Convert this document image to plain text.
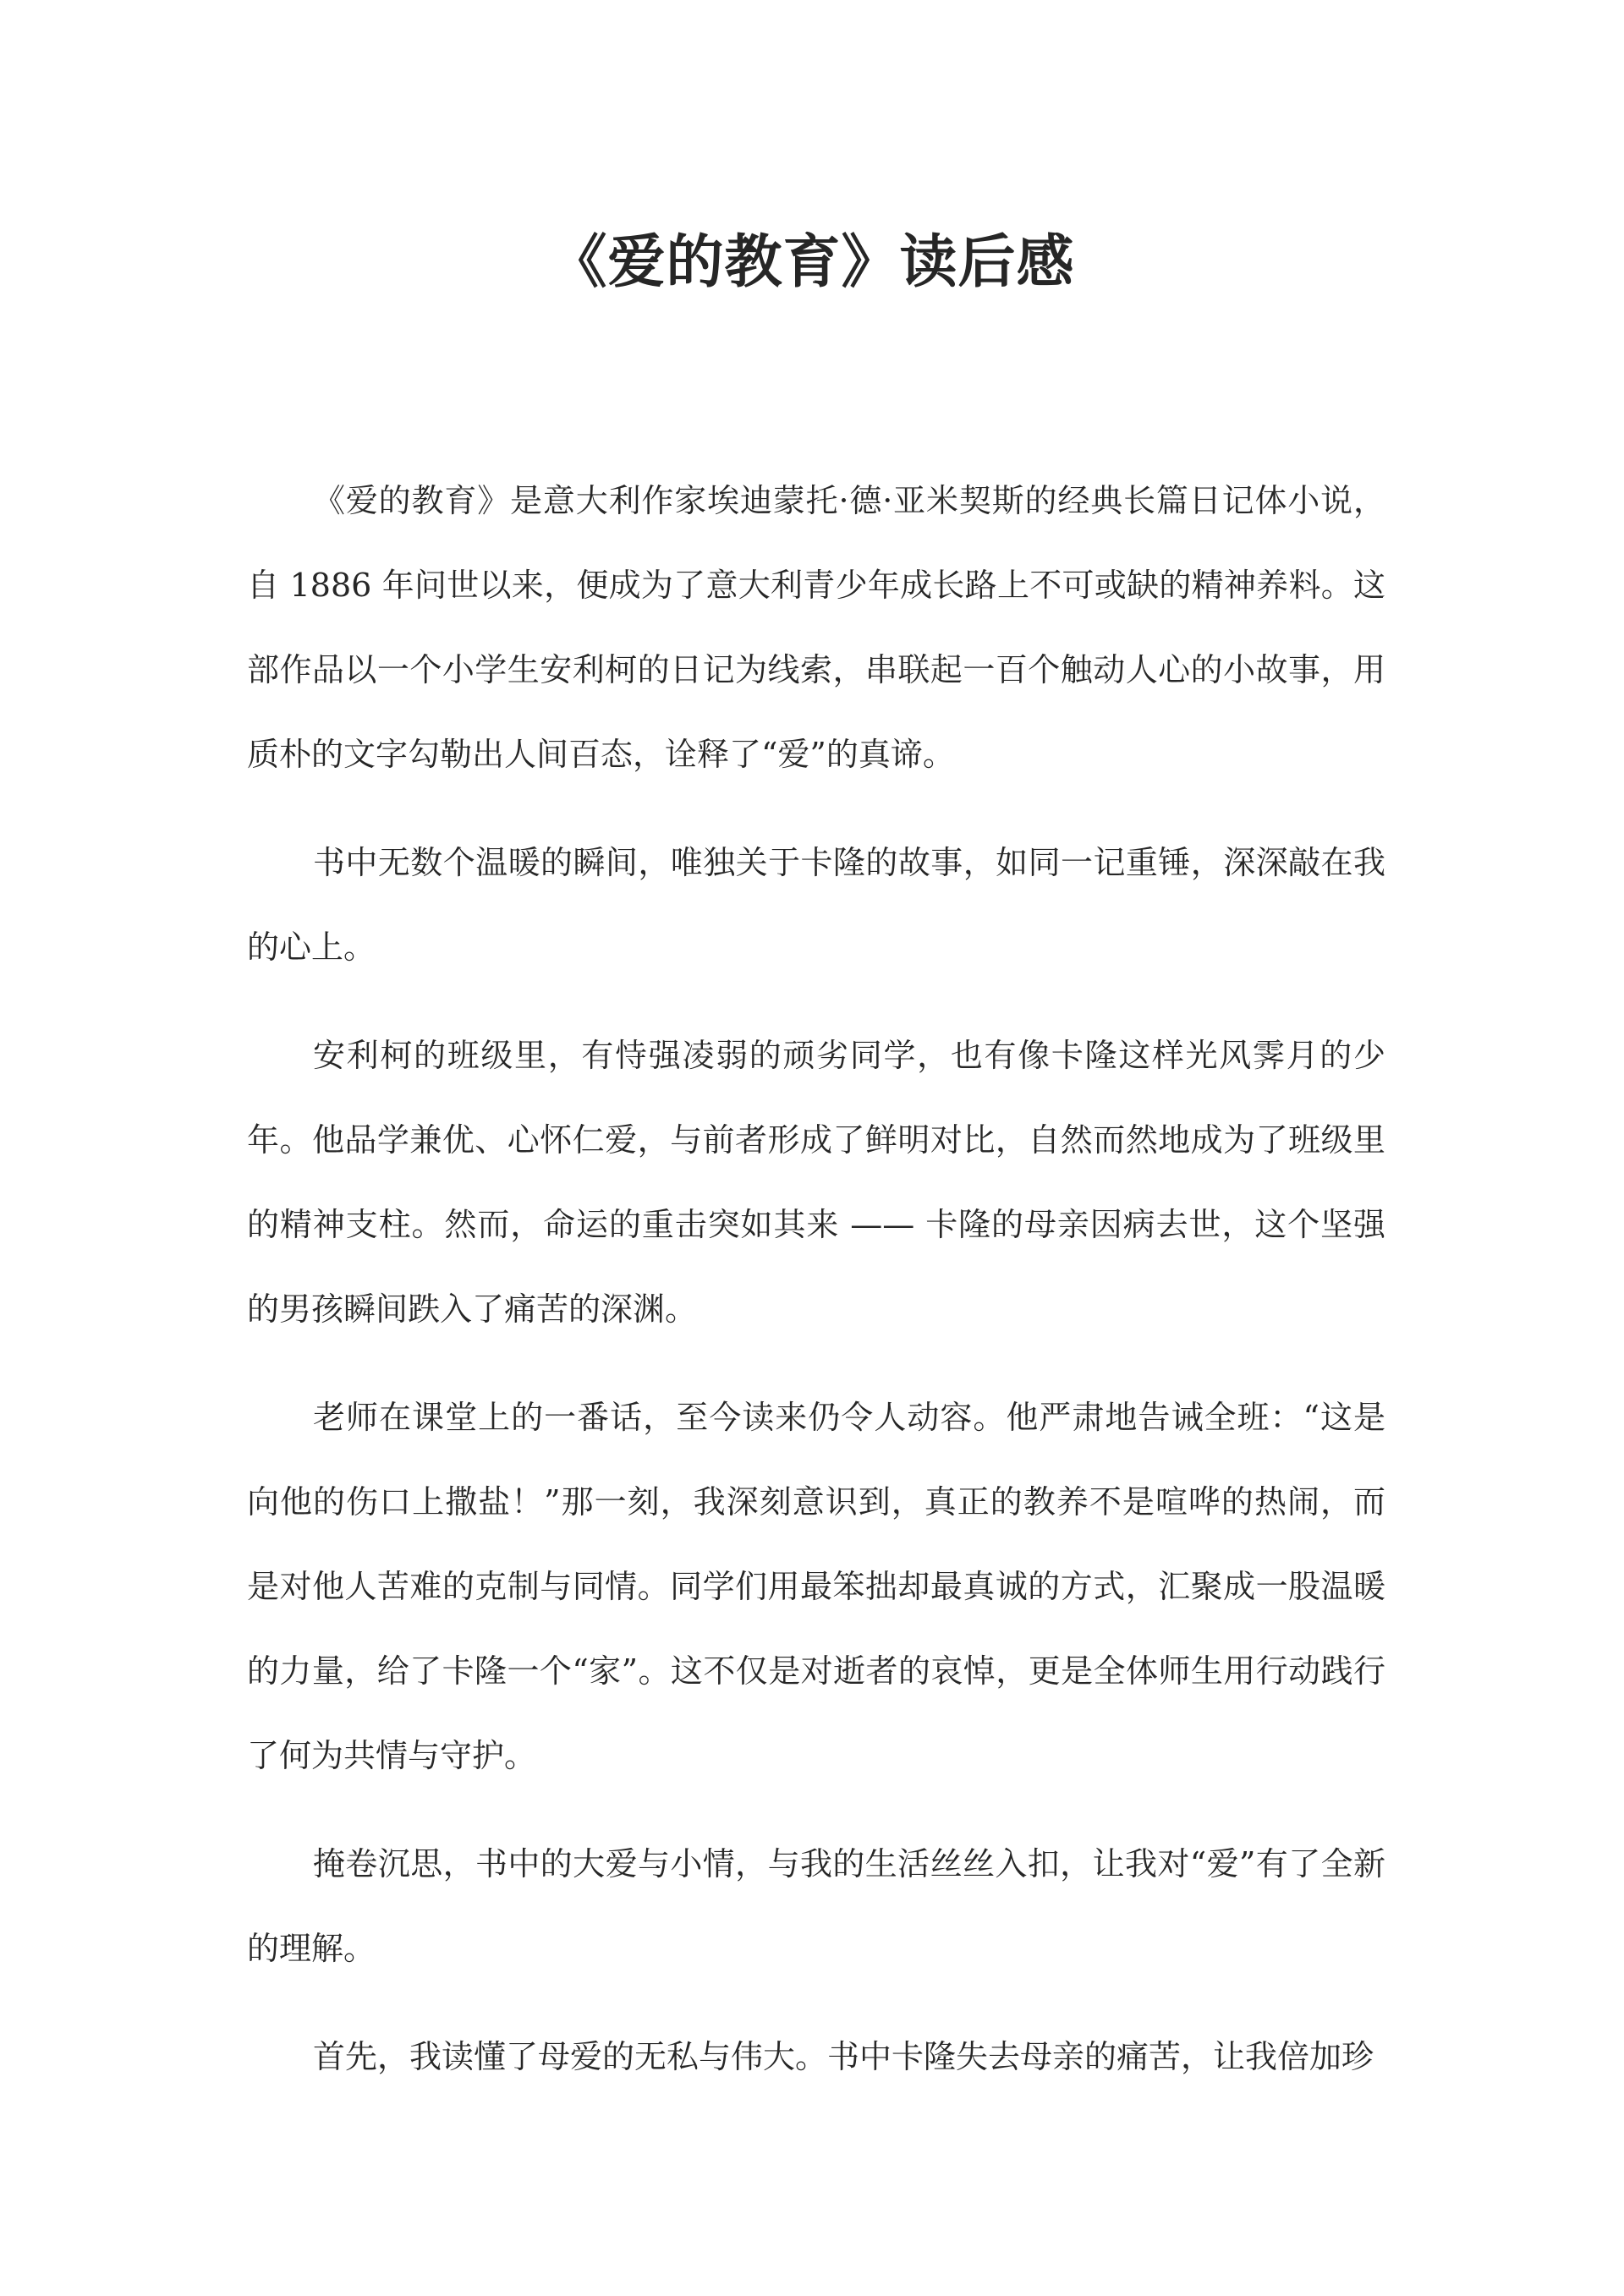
《爱的教育》读后感

《爱的教育》是意大利作家埃迪蒙托·德·亚米契斯的经典长篇日记体小说，自 1886 年问世以来，便成为了意大利青少年成长路上不可或缺的精神养料。这部作品以一个小学生安利柯的日记为线索，串联起一百个触动人心的小故事，用质朴的文字勾勒出人间百态，诠释了“爱”的真谛。

书中无数个温暖的瞬间，唯独关于卡隆的故事，如同一记重锤，深深敲在我的心上。

安利柯的班级里，有恃强凌弱的顽劣同学，也有像卡隆这样光风霁月的少年。他品学兼优、心怀仁爱，与前者形成了鲜明对比，自然而然地成为了班级里的精神支柱。然而，命运的重击突如其来 —— 卡隆的母亲因病去世，这个坚强的男孩瞬间跌入了痛苦的深渊。

老师在课堂上的一番话，至今读来仍令人动容。他严肃地告诫全班：“这是向他的伤口上撒盐！”那一刻，我深刻意识到，真正的教养不是喧哗的热闹，而是对他人苦难的克制与同情。同学们用最笨拙却最真诚的方式，汇聚成一股温暖的力量，给了卡隆一个“家”。这不仅是对逝者的哀悼，更是全体师生用行动践行了何为共情与守护。

掩卷沉思，书中的大爱与小情，与我的生活丝丝入扣，让我对“爱”有了全新的理解。

首先，我读懂了母爱的无私与伟大。书中卡隆失去母亲的痛苦，让我倍加珍
